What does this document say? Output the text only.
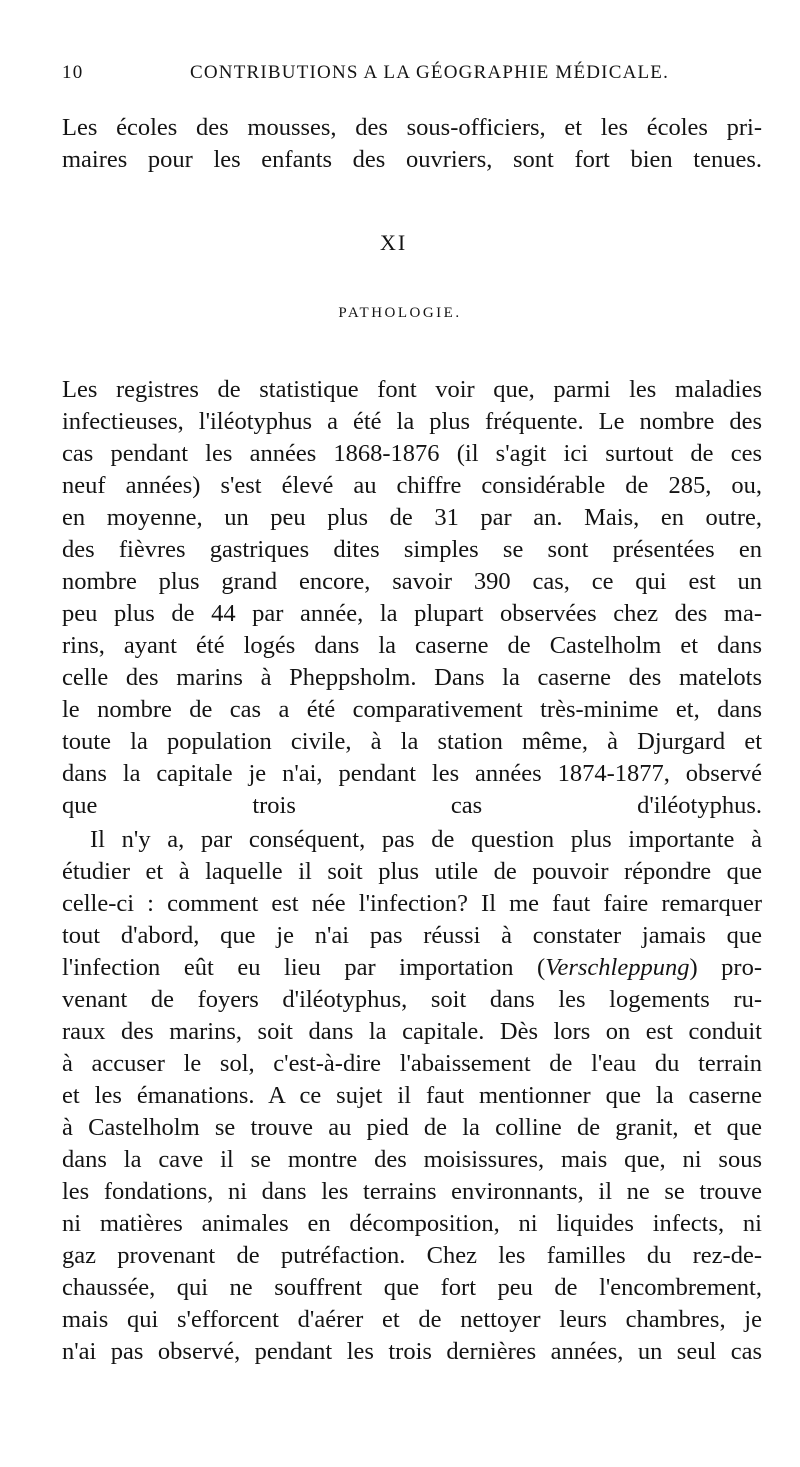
10	CONTRIBUTIONS A LA GÉOGRAPHIE MÉDICALE.
Les écoles des mousses, des sous-officiers, et les écoles pri-
maires pour les enfants des ouvriers, sont fort bien tenues.
XI
PATHOLOGIE.
Les registres de statistique font voir que, parmi les maladies
infectieuses, l'iléotyphus a été la plus fréquente. Le nombre des
cas pendant les années 1868-1876 (il s'agit ici surtout de ces
neuf années) s'est élevé au chiffre considérable de 285, ou,
en moyenne, un peu plus de 31 par an. Mais, en outre,
des fièvres gastriques dites simples se sont présentées en
nombre plus grand encore, savoir 390 cas, ce qui est un
peu plus de 44 par année, la plupart observées chez des ma-
rins, ayant été logés dans la caserne de Castelholm et dans
celle des marins à Pheppsholm. Dans la caserne des matelots
le nombre de cas a été comparativement très-minime et, dans
toute la population civile, à la station même, à Djurgard et
dans la capitale je n'ai, pendant les années 1874-1877, observé
que trois cas d'iléotyphus.
Il n'y a, par conséquent, pas de question plus importante à
étudier et à laquelle il soit plus utile de pouvoir répondre que
celle-ci : comment est née l'infection? Il me faut faire remarquer
tout d'abord, que je n'ai pas réussi à constater jamais que
l'infection eût eu lieu par importation (Verschleppung) pro-
venant de foyers d'iléotyphus, soit dans les logements ru-
raux des marins, soit dans la capitale. Dès lors on est conduit
à accuser le sol, c'est-à-dire l'abaissement de l'eau du terrain
et les émanations. A ce sujet il faut mentionner que la caserne
à Castelholm se trouve au pied de la colline de granit, et que
dans la cave il se montre des moisissures, mais que, ni sous
les fondations, ni dans les terrains environnants, il ne se trouve
ni matières animales en décomposition, ni liquides infects, ni
gaz provenant de putréfaction. Chez les familles du rez-de-
chaussée, qui ne souffrent que fort peu de l'encombrement,
mais qui s'efforcent d'aérer et de nettoyer leurs chambres, je
n'ai pas observé, pendant les trois dernières années, un seul cas
